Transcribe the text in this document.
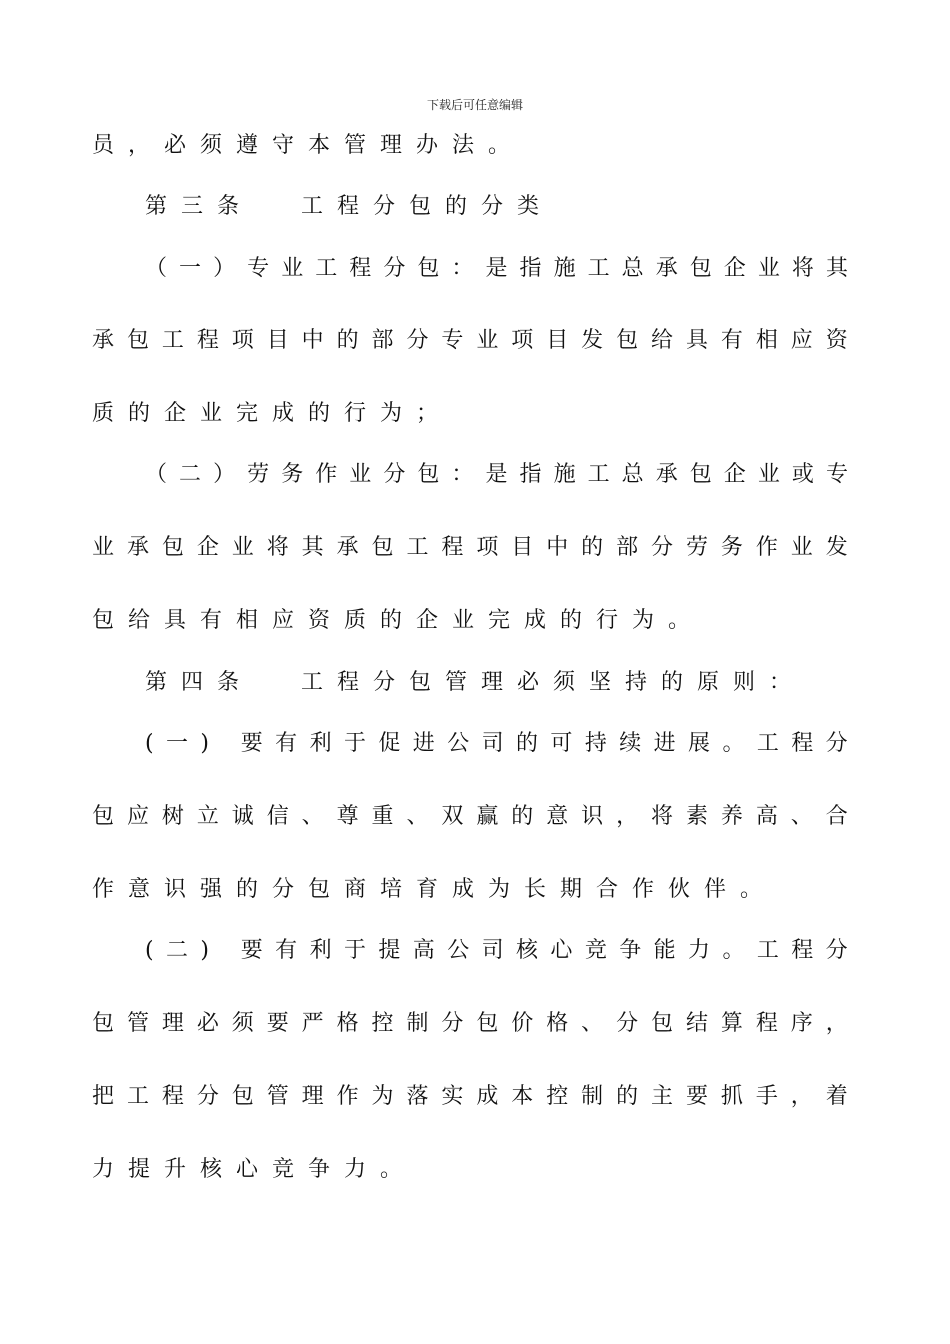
下载后可任意编辑
员 ， 必 须 遵 守 本 管 理 办 法 。
第 三 条	工 程 分 包 的 分 类
（ 一 ） 专 业 工 程 分 包 ： 是 指 施 工 总 承 包 企 业 将 其
承 包 工 程 项 目 中 的 部 分 专 业 项 目 发 包 给 具 有 相 应 资
质 的 企 业 完 成 的 行 为 ；
（ 二 ） 劳 务 作 业 分 包 ： 是 指 施 工 总 承 包 企 业 或 专
业 承 包 企 业 将 其 承 包 工 程 项 目 中 的 部 分 劳 务 作 业 发
包 给 具 有 相 应 资 质 的 企 业 完 成 的 行 为 。
第 四 条	工 程 分 包 管 理 必 须 坚 持 的 原 则 ：
( 一 )
要 有 利 于 促 进 公 司 的 可 持 续 进 展 。 工 程 分
包 应 树 立 诚 信 、 尊 重 、 双 赢 的 意 识 ， 将 素 养 高 、 合
作 意 识 强 的 分 包 商 培 育 成 为 长 期 合 作 伙 伴 。
( 二 )
要 有 利 于 提 高 公 司 核 心 竞 争 能 力 。 工 程 分
包 管 理 必 须 要 严 格 控 制 分 包 价 格 、 分 包 结 算 程 序 ，
把 工 程 分 包 管 理 作 为 落 实 成 本 控 制 的 主 要 抓 手 ， 着
力 提 升 核 心 竞 争 力 。
